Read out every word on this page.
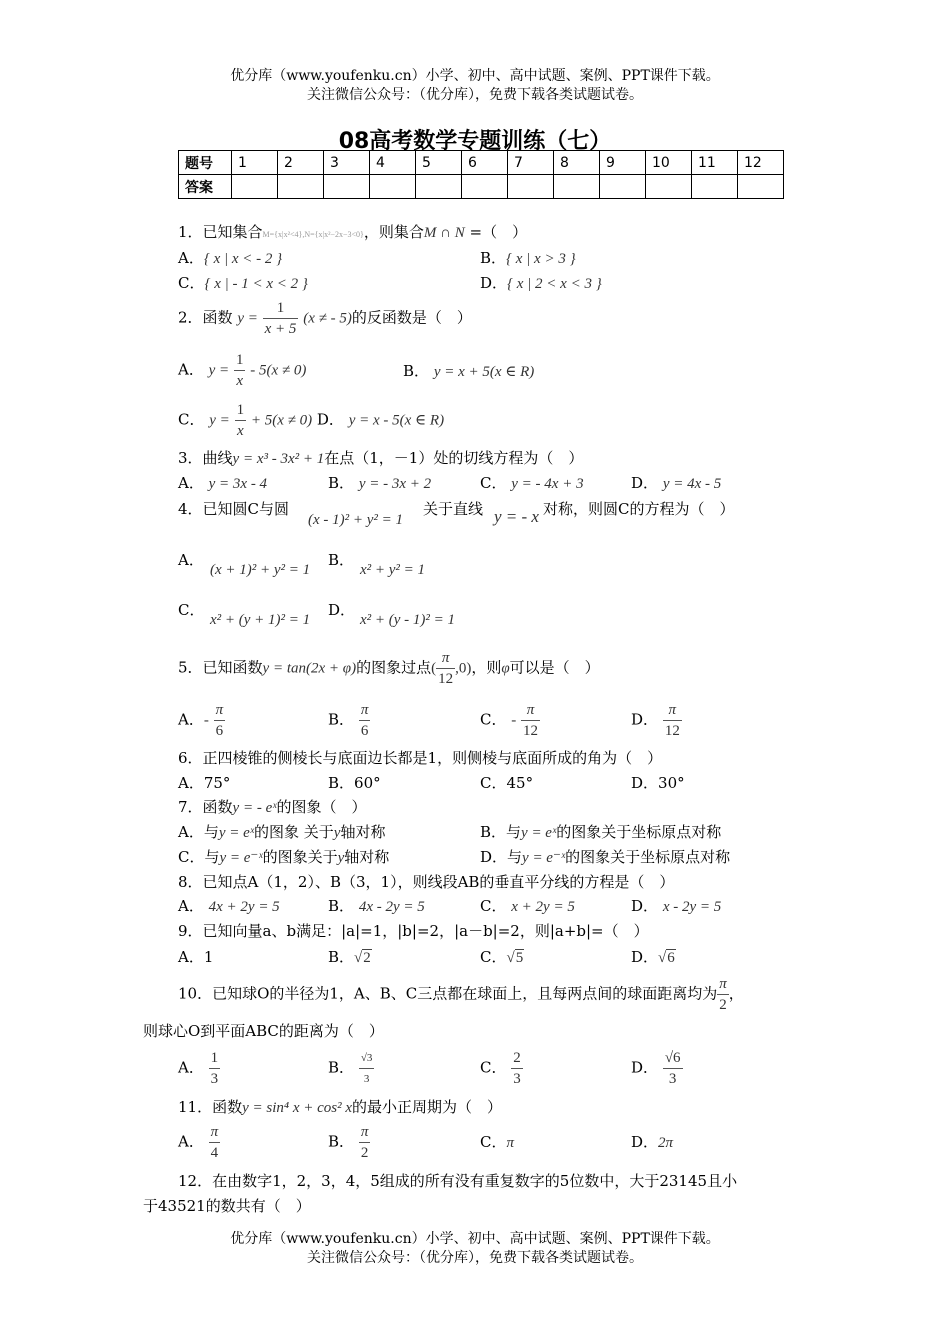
优分库（www.youfenku.cn）小学、初中、高中试题、案例、PPT课件下载。
关注微信公众号：（优分库），免费下载各类试题试卷。
08高考数学专题训练（七）
题号	1	2	3	4	5	6	7	8	9	10	11	12
答案												
1．已知集合M={x|x²<4},N={x|x²−2x−3<0}，则集合M ∩ N =（　）
A．{ x | x < - 2 }	B．{ x | x > 3 }
C．{ x | - 1 < x < 2 }	D．{ x | 2 < x < 3 }
2．函数 $y = \frac{1}{x + 5} (x$ ≠ - 5)的反函数是（　）
A． $y = \frac{1}{x} - 5(x \ne 0)$	B． y = x + 5(x ∈ R)
C． $y = \frac{1}{x} + 5(x \ne 0)$ D． y = x - 5(x ∈ R)
3．曲线y = x³ - 3x² + 1在点（1，－1）处的切线方程为（　）
A． y = 3x - 4	B． y = - 3x + 2	C． y = - 4x + 3	D． y = 4x - 5
4．已知圆C与圆
(x - 1)² + y² = 1
关于直线 y = - x 对称，则圆C的方程为（　）
A．
(x + 1)² + y² = 1
B．
x² + y² = 1
C．
x² + (y + 1)² = 1
D．
x² + (y - 1)² = 1
5．已知函数y = tan(2x + φ)的图象过点( $\frac{\pi}{12} ,0$)，则φ可以是（　）
A．- $\frac{\pi}{6}$	B． $\frac{\pi}{6}$	C． - $\frac{\pi}{12}$	D． $\frac{\pi}{12}$
6．正四棱锥的侧棱长与底面边长都是1，则侧棱与底面所成的角为（　）
A．75°	B．60°	C．45°	D．30°
7．函数y = - eˣ的图象（　）
A．与y = eˣ的图象 关于y轴对称	B．与y = eˣ的图象关于坐标原点对称
C．与y = e⁻ˣ的图象关于y轴对称	D．与y = e⁻ˣ的图象关于坐标原点对称
8．已知点A（1，2）、B（3，1），则线段AB的垂直平分线的方程是（　）
A． 4x + 2y = 5	B． 4x - 2y = 5	C． x + 2y = 5	D． x - 2y = 5
9．已知向量a、b满足：|a|=1，|b|=2，|a－b|=2，则|a+b|=（　）
A．1	B．√2	C．√5	D．√6
10．已知球O的半径为1，A、B、C三点都在球面上，且每两点间的球面距离均为 $\frac{\pi}{2}$ ，
则球心O到平面ABC的距离为（　）
A． $\frac{1}{3}$	B． $\frac{√3}{3}$	C． $\frac{2}{3}$	D． $\frac{√6}{3}$
11．函数y = sin⁴ x + cos² x的最小正周期为（　）
A． $\frac{\pi}{4}$	B． $\frac{\pi}{2}$	C．π	D．2π
12．在由数字1，2，3，4，5组成的所有没有重复数字的5位数中，大于23145且小
于43521的数共有（　）
优分库（www.youfenku.cn）小学、初中、高中试题、案例、PPT课件下载。
关注微信公众号：（优分库），免费下载各类试题试卷。
